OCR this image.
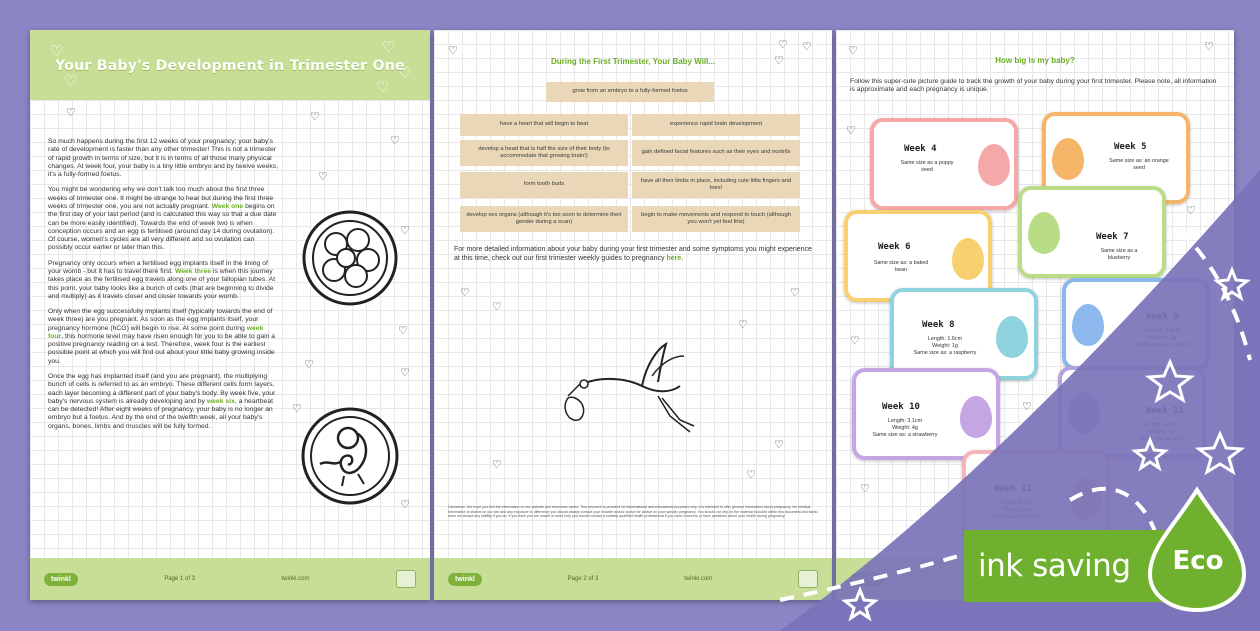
♡
♡
♡
♡
♡
Your Baby's Development in Trimester One
♡	♡
♡
♡
♡
♡
♡
♡
♡
♡

So much happens during the first 12 weeks of your pregnancy; your baby's rate of development is faster than any other trimester! This is not a trimester of rapid growth in terms of size, but it is in terms of all those many physical changes. At week four, your baby is a tiny little embryo and by twelve weeks, it's a fully-formed foetus.

You might be wondering why we don't talk too much about the first three weeks of trimester one. It might be strange to hear but during the first three weeks of trimester one, you are not actually pregnant. Week one begins on the first day of your last period (and is calculated this way so that a due date can be more easily identified). Towards the end of week two is when conception occurs and an egg is fertilised (around day 14 during ovulation). Of course, women's cycles are all very different and so ovulation can possibly occur earlier or later than this.

Pregnancy only occurs when a fertilised egg implants itself in the lining of your womb - but it has to travel there first. Week three is when this journey takes place as the fertilised egg travels along one of your fallopian tubes. At this point, your baby looks like a bunch of cells (that are beginning to divide and multiply) as it travels closer and closer towards your womb.

Only when the egg successfully implants itself (typically towards the end of week three) are you pregnant. As soon as the egg implants itself, your pregnancy hormone (hCG) will begin to rise. At some point during week four, this hormone level may have risen enough for you to be able to gain a positive pregnancy reading on a test. Therefore, week four is the earliest possible point at which you will find out about your little baby growing inside you.

Once the egg has implanted itself (and you are pregnant), the multiplying bunch of cells is referred to as an embryo. These different cells form layers, each layer becoming a different part of your baby's body. By week five, your baby's nervous system is already developing and by week six, a heartbeat can be detected! After eight weeks of pregnancy, your baby is no longer an embryo but a foetus. And by the end of the twelfth week, all your baby's organs, bones, limbs and muscles will be fully formed.

twinkl	Page 1 of 3	twinkl.com
♡	♡ ♡
♡
♡
♡
♡
♡
♡
♡
♡
During the First Trimester, Your Baby Will...
grow from an embryo to a fully-formed foetus
have a heart that will begin to beat	experience rapid brain development
develop a head that is half the size of their body (to accommodate that growing brain!)
gain defined facial features such as their eyes and nostrils
form tooth buds
have all their limbs in place, including cute little fingers and toes!
develop sex organs (although it's too soon to determine their gender during a scan)
begin to make movements and respond to touch (although you won't yet feel this)
For more detailed information about your baby during your first trimester and some symptoms you might experience at this time, check out our first trimester weekly guides to pregnancy here.
Disclaimer: We hope you find the information on our website and resources useful. This resource is provided for informational and educational purposes only. It is intended to offer general information about pregnancy. No medical information is shared on our site and any exposure to difference you should always consult your midwife and/or doctor for advice on your specific pregnancy. You should not rely on the material included within this document and twinkl does not accept any liability if you do. If you think you are unwell or need help you should contact a suitably qualified health professional if you have concerns or have questions about your health during pregnancy.
twinkl	Page 2 of 3	twinkl.com
♡	♡
♡
♡
♡
♡
♡
How big is my baby?
Follow this super-cute picture guide to track the growth of your baby during your first trimester. Please note, all information is approximate and each pregnancy is unique.
Week 4
Same size as a poppy
seed
Week 5
Same size as: an orange
seed
Week 6
Same size as: a baked
bean
Week 7
Same size as a
blueberry
Week 8
Length: 1.6cm
Weight: 1g
Same size as: a raspberry

Week 10
Length: 3.1cm
Weight: 4g
Same size as: a strawberry

ink saving	Eco
